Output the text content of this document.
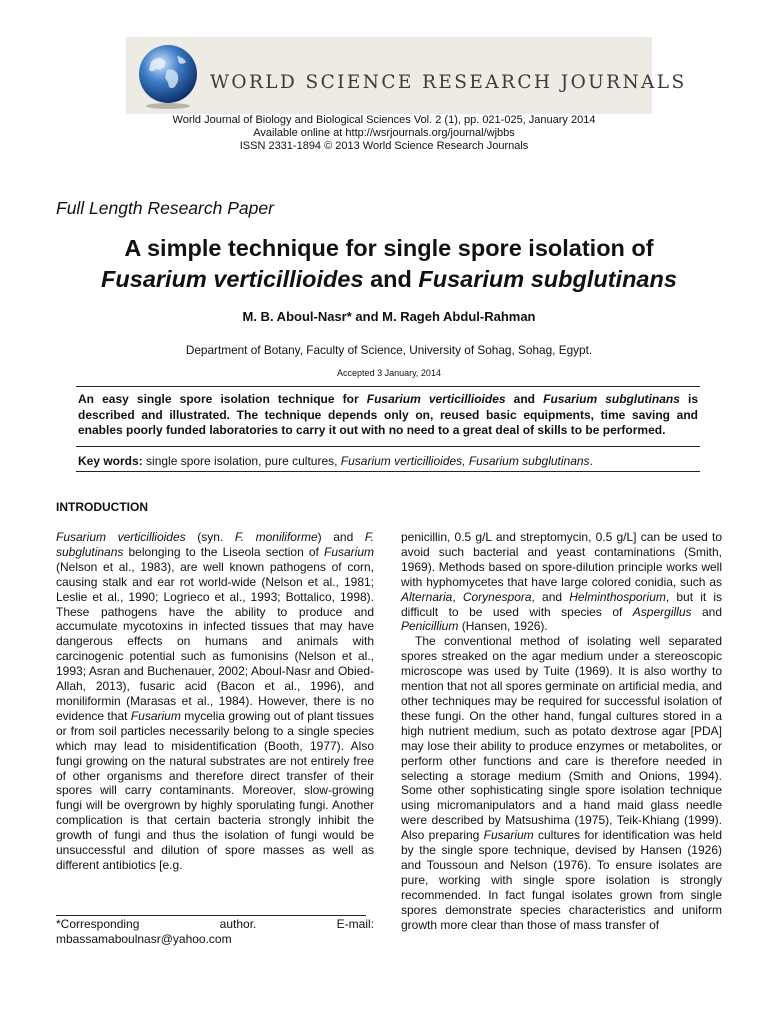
WORLD SCIENCE RESEARCH JOURNALS
World Journal of Biology and Biological Sciences Vol. 2 (1), pp. 021-025, January 2014
Available online at http://wsrjournals.org/journal/wjbbs
ISSN 2331-1894 © 2013 World Science Research Journals
Full Length Research Paper
A simple technique for single spore isolation of
Fusarium verticillioides and Fusarium subglutinans
M. B. Aboul-Nasr* and M. Rageh Abdul-Rahman
Department of Botany, Faculty of Science, University of Sohag, Sohag, Egypt.
Accepted 3 January, 2014
An easy single spore isolation technique for Fusarium verticillioides and Fusarium subglutinans is described and illustrated. The technique depends only on, reused basic equipments, time saving and enables poorly funded laboratories to carry it out with no need to a great deal of skills to be performed.
Key words: single spore isolation, pure cultures, Fusarium verticillioides, Fusarium subglutinans.
INTRODUCTION

Fusarium verticillioides (syn. F. moniliforme) and F. subglutinans belonging to the Liseola section of Fusarium (Nelson et al., 1983), are well known pathogens of corn, causing stalk and ear rot world-wide (Nelson et al., 1981; Leslie et al., 1990; Logrieco et al., 1993; Bottalico, 1998). These pathogens have the ability to produce and accumulate mycotoxins in infected tissues that may have dangerous effects on humans and animals with carcinogenic potential such as fumonisins (Nelson et al., 1993; Asran and Buchenauer, 2002; Aboul-Nasr and Obied-Allah, 2013), fusaric acid (Bacon et al., 1996), and moniliformin (Marasas et al., 1984). However, there is no evidence that Fusarium mycelia growing out of plant tissues or from soil particles necessarily belong to a single species which may lead to misidentification (Booth, 1977). Also fungi growing on the natural substrates are not entirely free of other organisms and therefore direct transfer of their spores will carry contaminants. Moreover, slow-growing fungi will be overgrown by highly sporulating fungi. Another complication is that certain bacteria strongly inhibit the growth of fungi and thus the isolation of fungi would be unsuccessful and dilution of spore masses as well as different antibiotics [e.g.

*Corresponding	author.	E-mail:
mbassamaboulnasr@yahoo.com

penicillin, 0.5 g/L and streptomycin, 0.5 g/L] can be used to avoid such bacterial and yeast contaminations (Smith, 1969). Methods based on spore-dilution principle works well with hyphomycetes that have large colored conidia, such as Alternaria, Corynespora, and Helminthosporium, but it is difficult to be used with species of Aspergillus and Penicillium (Hansen, 1926).

The conventional method of isolating well separated spores streaked on the agar medium under a stereoscopic microscope was used by Tuite (1969). It is also worthy to mention that not all spores germinate on artificial media, and other techniques may be required for successful isolation of these fungi. On the other hand, fungal cultures stored in a high nutrient medium, such as potato dextrose agar [PDA] may lose their ability to produce enzymes or metabolites, or perform other functions and care is therefore needed in selecting a storage medium (Smith and Onions, 1994). Some other sophisticating single spore isolation technique using micromanipulators and a hand maid glass needle were described by Matsushima (1975), Teik-Khiang (1999). Also preparing Fusarium cultures for identification was held by the single spore technique, devised by Hansen (1926) and Toussoun and Nelson (1976). To ensure isolates are pure, working with single spore isolation is strongly recommended. In fact fungal isolates grown from single spores demonstrate species characteristics and uniform growth more clear than those of mass transfer of
